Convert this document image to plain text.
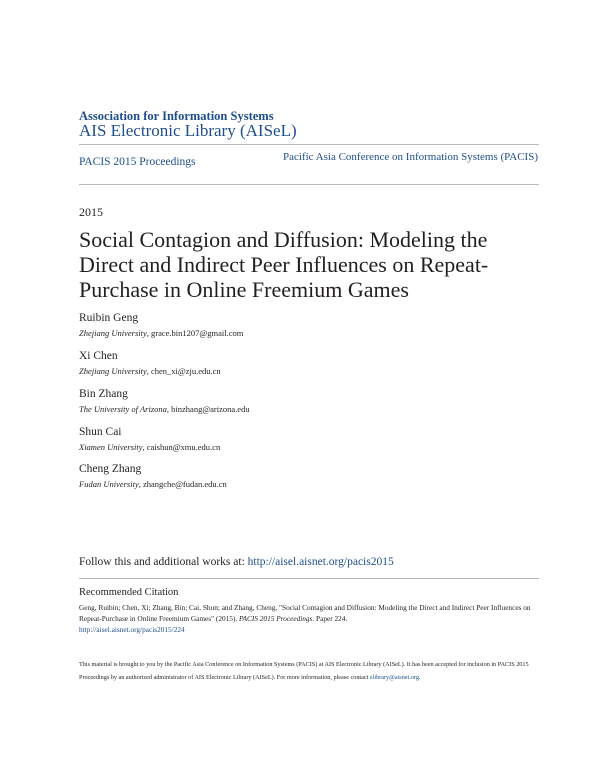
Association for Information Systems
AIS Electronic Library (AISeL)
PACIS 2015 Proceedings	Pacific Asia Conference on Information Systems (PACIS)
2015
Social Contagion and Diffusion: Modeling the Direct and Indirect Peer Influences on Repeat-Purchase in Online Freemium Games
Ruibin Geng
Zhejiang University, grace.bin1207@gmail.com
Xi Chen
Zhejiang University, chen_xi@zju.edu.cn
Bin Zhang
The University of Arizona, binzhang@arizona.edu
Shun Cai
Xiamen University, caishun@xmu.edu.cn
Cheng Zhang
Fudan University, zhangche@fudan.edu.cn
Follow this and additional works at: http://aisel.aisnet.org/pacis2015
Recommended Citation
Geng, Ruibin; Chen, Xi; Zhang, Bin; Cai, Shun; and Zhang, Cheng, "Social Contagion and Diffusion: Modeling the Direct and Indirect Peer Influences on Repeat-Purchase in Online Freemium Games" (2015). PACIS 2015 Proceedings. Paper 224.
http://aisel.aisnet.org/pacis2015/224
This material is brought to you by the Pacific Asia Conference on Information Systems (PACIS) at AIS Electronic Library (AISeL). It has been accepted for inclusion in PACIS 2015 Proceedings by an authorized administrator of AIS Electronic Library (AISeL). For more information, please contact elibrary@aisnet.org.
